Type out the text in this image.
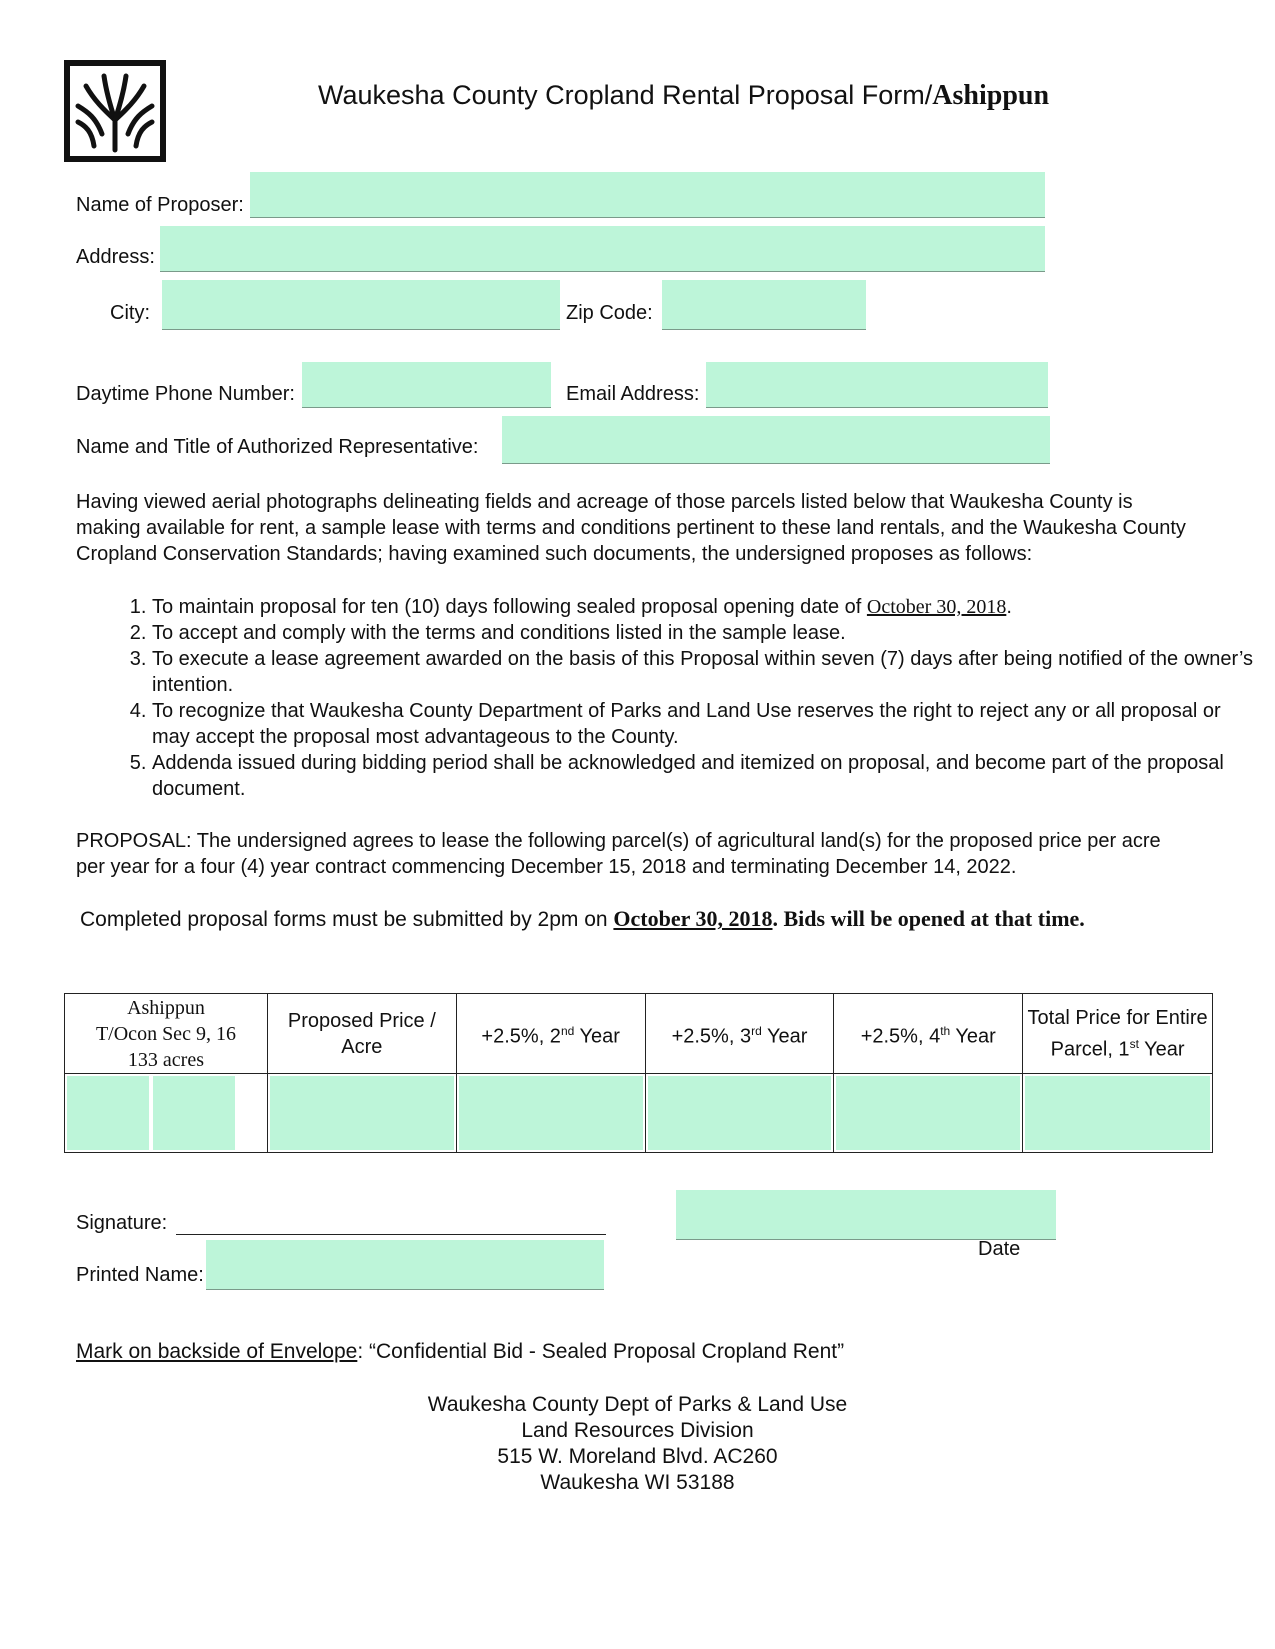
Waukesha County Cropland Rental Proposal Form/Ashippun
Name of Proposer:
Address:
City:	Zip Code:
Daytime Phone Number:	Email Address:
Name and Title of Authorized Representative:
Having viewed aerial photographs delineating fields and acreage of those parcels listed below that Waukesha County is making available for rent, a sample lease with terms and conditions pertinent to these land rentals, and the Waukesha County Cropland Conservation Standards; having examined such documents, the undersigned proposes as follows:
1. To maintain proposal for ten (10) days following sealed proposal opening date of October 30, 2018.
2. To accept and comply with the terms and conditions listed in the sample lease.
3. To execute a lease agreement awarded on the basis of this Proposal within seven (7) days after being notified of the owner’s intention.
4. To recognize that Waukesha County Department of Parks and Land Use reserves the right to reject any or all proposal or may accept the proposal most advantageous to the County.
5. Addenda issued during bidding period shall be acknowledged and itemized on proposal, and become part of the proposal document.
PROPOSAL: The undersigned agrees to lease the following parcel(s) of agricultural land(s) for the proposed price per acre per year for a four (4) year contract commencing December 15, 2018 and terminating December 14, 2022.
Completed proposal forms must be submitted by 2pm on October 30, 2018. Bids will be opened at that time.
Ashippun
T/Ocon Sec 9, 16
133 acres	Proposed Price / Acre	+2.5%, 2nd Year	+2.5%, 3rd Year	+2.5%, 4th Year	Total Price for Entire Parcel, 1st Year

Signature:
Date
Printed Name:
Mark on backside of Envelope: “Confidential Bid - Sealed Proposal Cropland Rent”
Waukesha County Dept of Parks & Land Use
Land Resources Division
515 W. Moreland Blvd. AC260
Waukesha WI 53188
